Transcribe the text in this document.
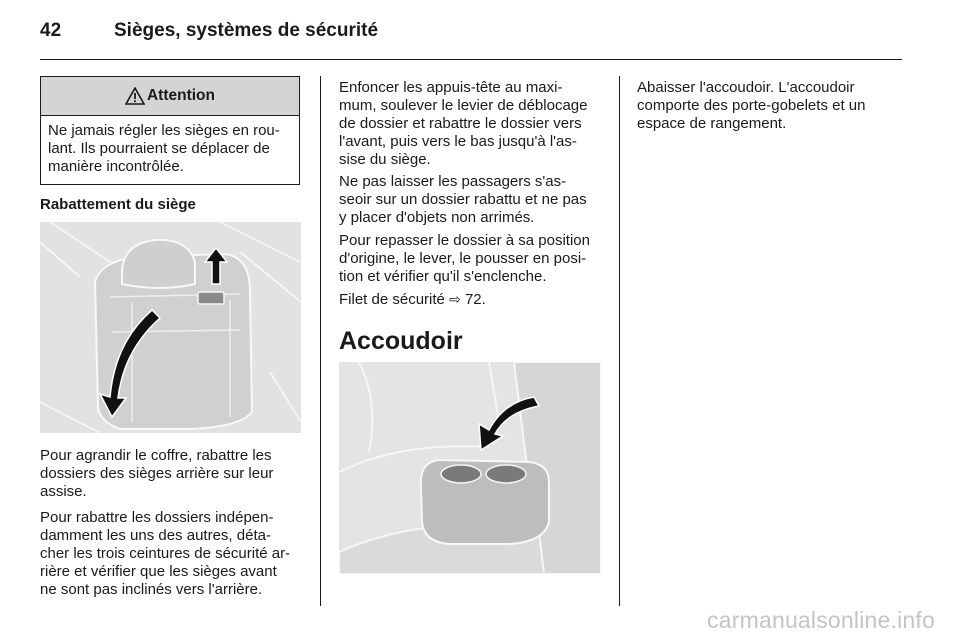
42	Sièges, systèmes de sécurité
Attention
Ne jamais régler les sièges en rou-
lant. Ils pourraient se déplacer de
manière incontrôlée.
Rabattement du siège
Pour agrandir le coffre, rabattre les
dossiers des sièges arrière sur leur
assise.
Pour rabattre les dossiers indépen-
damment les uns des autres, déta-
cher les trois ceintures de sécurité ar-
rière et vérifier que les sièges avant
ne sont pas inclinés vers l'arrière.
Enfoncer les appuis-tête au maxi-
mum, soulever le levier de déblocage
de dossier et rabattre le dossier vers
l'avant, puis vers le bas jusqu'à l'as-
sise du siège.
Ne pas laisser les passagers s'as-
seoir sur un dossier rabattu et ne pas
y placer d'objets non arrimés.
Pour repasser le dossier à sa position
d'origine, le lever, le pousser en posi-
tion et vérifier qu'il s'enclenche.
Filet de sécurité ⇨ 72.
Accoudoir
Abaisser l'accoudoir. L'accoudoir
comporte des porte-gobelets et un
espace de rangement.
carmanualsonline.info
